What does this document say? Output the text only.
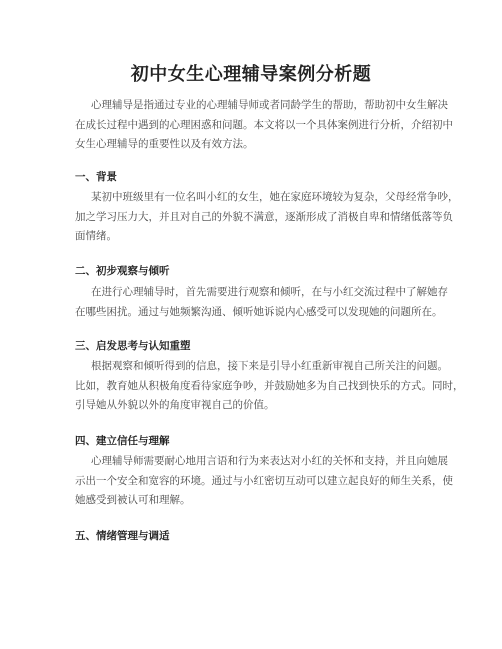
初中女生心理辅导案例分析题

心理辅导是指通过专业的心理辅导师或者同龄学生的帮助，帮助初中女生解决
在成长过程中遇到的心理困惑和问题。本文将以一个具体案例进行分析，介绍初中
女生心理辅导的重要性以及有效方法。

一、背景

某初中班级里有一位名叫小红的女生，她在家庭环境较为复杂，父母经常争吵，
加之学习压力大，并且对自己的外貌不满意，逐渐形成了消极自卑和情绪低落等负
面情绪。

二、初步观察与倾听

在进行心理辅导时，首先需要进行观察和倾听，在与小红交流过程中了解她存
在哪些困扰。通过与她频繁沟通、倾听她诉说内心感受可以发现她的问题所在。

三、启发思考与认知重塑

根据观察和倾听得到的信息，接下来是引导小红重新审视自己所关注的问题。
比如，教育她从积极角度看待家庭争吵，并鼓励她多为自己找到快乐的方式。同时，
引导她从外貌以外的角度审视自己的价值。

四、建立信任与理解

心理辅导师需要耐心地用言语和行为来表达对小红的关怀和支持，并且向她展
示出一个安全和宽容的环境。通过与小红密切互动可以建立起良好的师生关系，使
她感受到被认可和理解。

五、情绪管理与调适
